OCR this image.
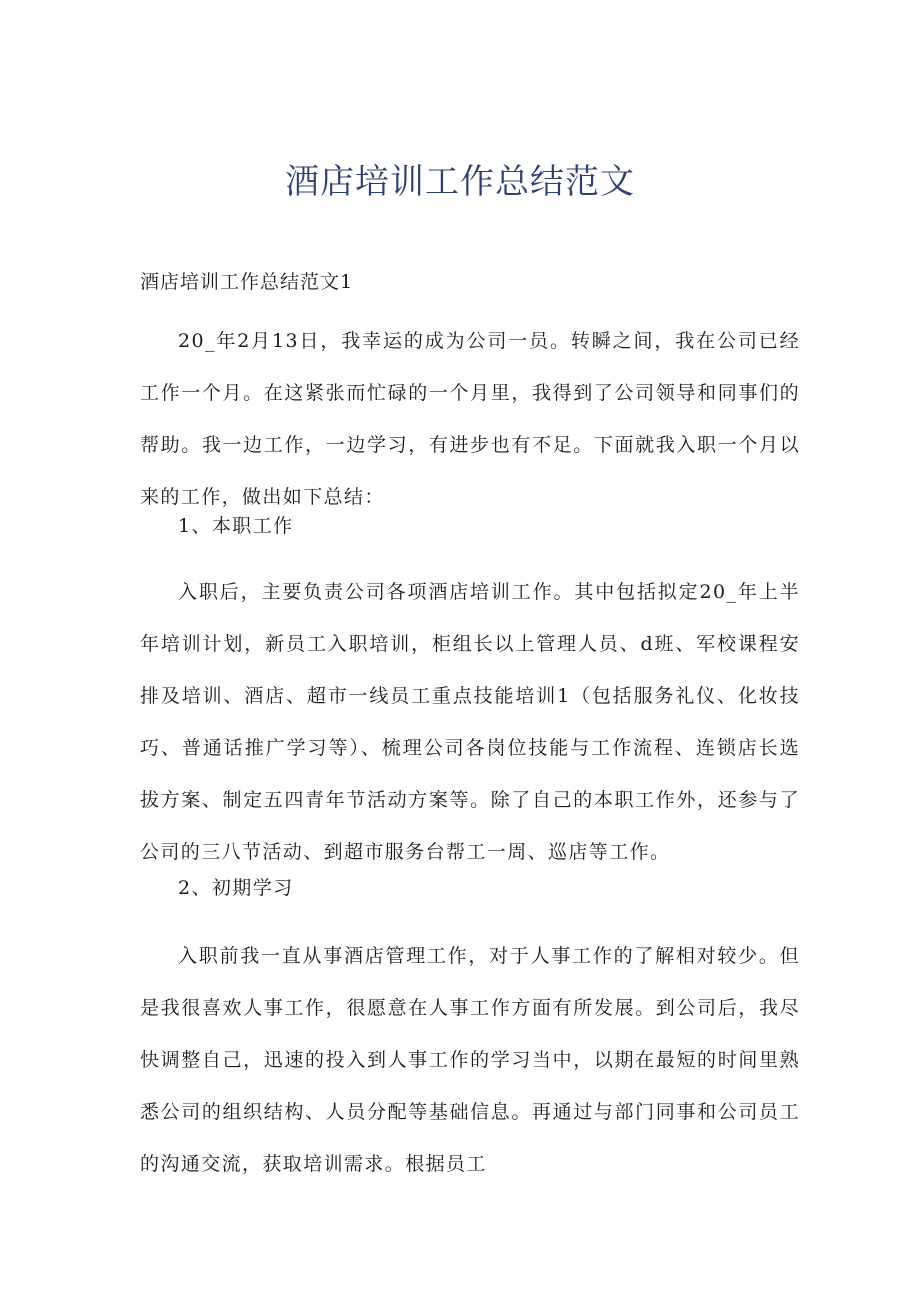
酒店培训工作总结范文

酒店培训工作总结范文1

20_年2月13日，我幸运的成为公司一员。转瞬之间，我在公司已经工作一个月。在这紧张而忙碌的一个月里，我得到了公司领导和同事们的帮助。我一边工作，一边学习，有进步也有不足。下面就我入职一个月以来的工作，做出如下总结：

1、本职工作

入职后，主要负责公司各项酒店培训工作。其中包括拟定20_年上半年培训计划，新员工入职培训，柜组长以上管理人员、d班、军校课程安排及培训、酒店、超市一线员工重点技能培训1（包括服务礼仪、化妆技巧、普通话推广学习等）、梳理公司各岗位技能与工作流程、连锁店长选拔方案、制定五四青年节活动方案等。除了自己的本职工作外，还参与了公司的三八节活动、到超市服务台帮工一周、巡店等工作。

2、初期学习

入职前我一直从事酒店管理工作，对于人事工作的了解相对较少。但是我很喜欢人事工作，很愿意在人事工作方面有所发展。到公司后，我尽快调整自己，迅速的投入到人事工作的学习当中，以期在最短的时间里熟悉公司的组织结构、人员分配等基础信息。再通过与部门同事和公司员工的沟通交流，获取培训需求。根据员工
